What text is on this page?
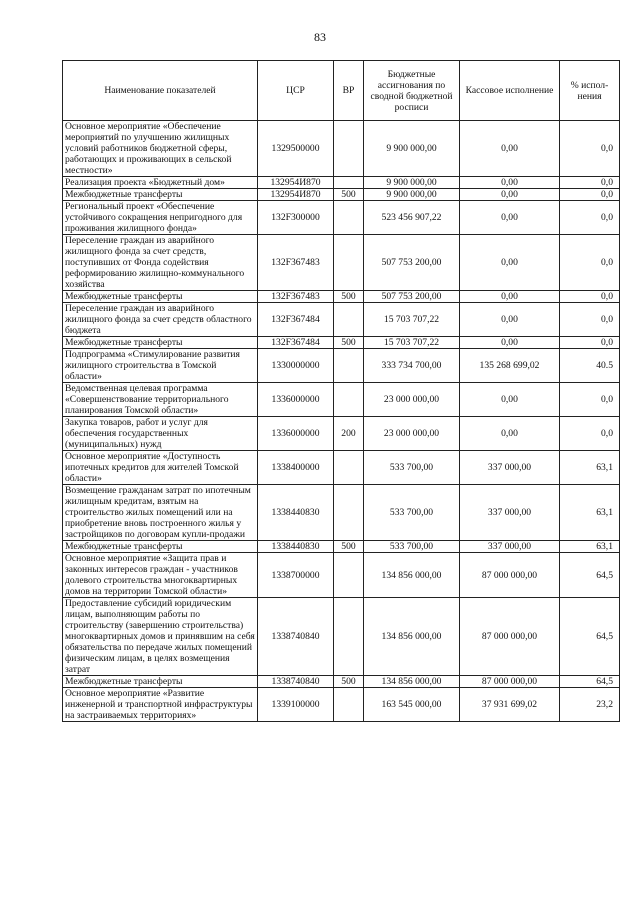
83
Наименование показателей	ЦСР	ВР	Бюджетные ассигнования по сводной бюджетной росписи	Кассовое исполнение	% испол-нения
Основное мероприятие «Обеспечение мероприятий по улучшению жилищных условий работников бюджетной сферы, работающих и проживающих в сельской местности»	1329500000		9 900 000,00	0,00	0,0
Реализация проекта «Бюджетный дом»	132954И870		9 900 000,00	0,00	0,0
Межбюджетные трансферты	132954И870	500	9 900 000,00	0,00	0,0
Региональный проект «Обеспечение устойчивого сокращения непригодного для проживания жилищного фонда»	132F300000		523 456 907,22	0,00	0,0
Переселение граждан из аварийного жилищного фонда за счет средств, поступивших от Фонда содействия реформированию жилищно-коммунального хозяйства	132F367483		507 753 200,00	0,00	0,0
Межбюджетные трансферты	132F367483	500	507 753 200,00	0,00	0,0
Переселение граждан из аварийного жилищного фонда за счет средств областного бюджета	132F367484		15 703 707,22	0,00	0,0
Межбюджетные трансферты	132F367484	500	15 703 707,22	0,00	0,0
Подпрограмма «Стимулирование развития жилищного строительства в Томской области»	1330000000		333 734 700,00	135 268 699,02	40.5
Ведомственная целевая программа «Совершенствование территориального планирования Томской области»	1336000000		23 000 000,00	0,00	0,0
Закупка товаров, работ и услуг для обеспечения государственных (муниципальных) нужд	1336000000	200	23 000 000,00	0,00	0,0
Основное мероприятие «Доступность ипотечных кредитов для жителей Томской области»	1338400000		533 700,00	337 000,00	63,1
Возмещение гражданам затрат по ипотечным жилищным кредитам, взятым на строительство жилых помещений или на приобретение вновь построенного жилья у застройщиков по договорам купли-продажи	1338440830		533 700,00	337 000,00	63,1
Межбюджетные трансферты	1338440830	500	533 700,00	337 000,00	63,1
Основное мероприятие «Защита прав и законных интересов граждан - участников долевого строительства многоквартирных домов на территории Томской области»	1338700000		134 856 000,00	87 000 000,00	64,5
Предоставление субсидий юридическим лицам, выполняющим работы по строительству (завершению строительства) многоквартирных домов и принявшим на себя обязательства по передаче жилых помещений физическим лицам, в целях возмещения затрат	1338740840		134 856 000,00	87 000 000,00	64,5
Межбюджетные трансферты	1338740840	500	134 856 000,00	87 000 000,00	64,5
Основное мероприятие «Развитие инженерной и транспортной инфраструктуры на застраиваемых территориях»	1339100000		163 545 000,00	37 931 699,02	23,2
